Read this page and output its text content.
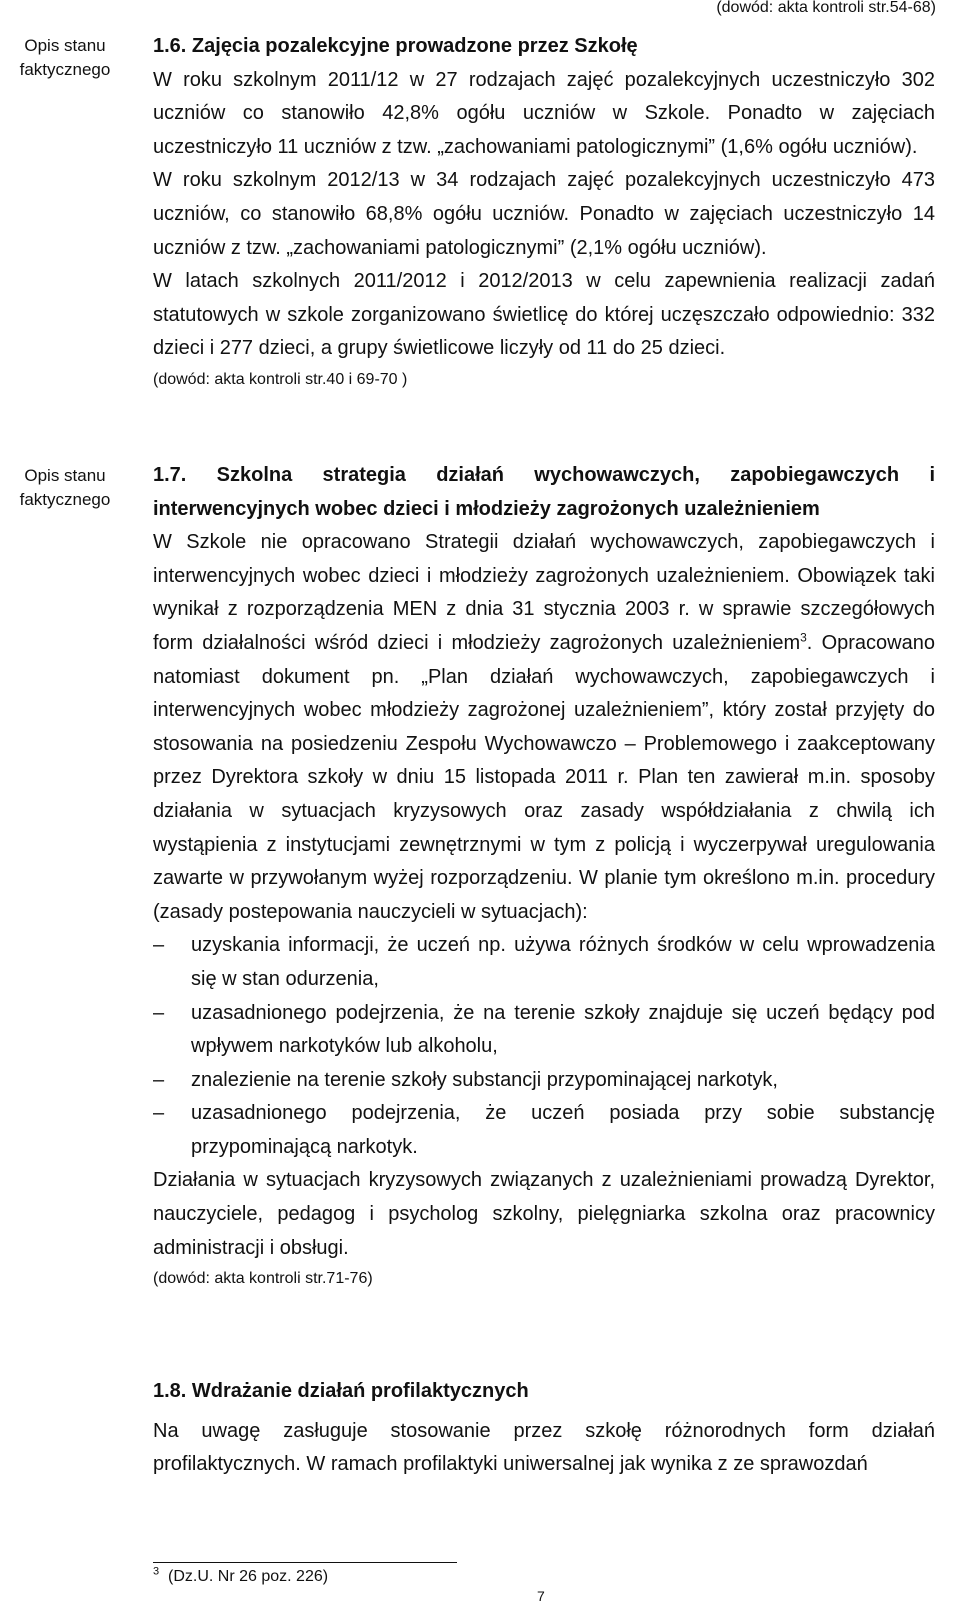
Opis stanu
faktycznego
Opis stanu
faktycznego
(dowód: akta kontroli str.54-68)

1.6. Zajęcia pozalekcyjne prowadzone przez Szkołę

W roku szkolnym 2011/12 w 27 rodzajach zajęć pozalekcyjnych uczestniczyło 302 uczniów co stanowiło 42,8% ogółu uczniów w Szkole. Ponadto w zajęciach uczestniczyło 11 uczniów z tzw. „zachowaniami patologicznymi” (1,6% ogółu uczniów).

W roku szkolnym 2012/13 w 34 rodzajach zajęć pozalekcyjnych uczestniczyło 473 uczniów, co stanowiło 68,8% ogółu uczniów. Ponadto w zajęciach uczestniczyło 14 uczniów z tzw. „zachowaniami patologicznymi” (2,1% ogółu uczniów).

W latach szkolnych 2011/2012 i 2012/2013 w celu zapewnienia realizacji zadań statutowych w szkole zorganizowano świetlicę do której uczęszczało odpowiednio: 332 dzieci i 277 dzieci, a grupy świetlicowe liczyły od 11 do 25 dzieci.

(dowód: akta kontroli str.40 i 69-70 )

1.7. Szkolna strategia działań wychowawczych, zapobiegawczych i interwencyjnych wobec dzieci i młodzieży zagrożonych uzależnieniem

W Szkole nie opracowano Strategii działań wychowawczych, zapobiegawczych i interwencyjnych wobec dzieci i młodzieży zagrożonych uzależnieniem. Obowiązek taki wynikał z rozporządzenia MEN z dnia 31 stycznia 2003 r. w sprawie szczegółowych form działalności wśród dzieci i młodzieży zagrożonych uzależnieniem$^3$. Opracowano natomiast dokument pn. „Plan działań wychowawczych, zapobiegawczych i interwencyjnych wobec młodzieży zagrożonej uzależnieniem”, który został przyjęty do stosowania na posiedzeniu Zespołu Wychowawczo – Problemowego i zaakceptowany przez Dyrektora szkoły w dniu 15 listopada 2011 r. Plan ten zawierał m.in. sposoby działania w sytuacjach kryzysowych oraz zasady współdziałania z chwilą ich wystąpienia z instytucjami zewnętrznymi w tym z policją i wyczerpywał uregulowania zawarte w przywołanym wyżej rozporządzeniu. W planie tym określono m.in. procedury (zasady postepowania nauczycieli w sytuacjach):

–	uzyskania informacji, że uczeń np. używa różnych środków w celu wprowadzenia się w stan odurzenia,
–	uzasadnionego podejrzenia, że na terenie szkoły znajduje się uczeń będący pod wpływem narkotyków lub alkoholu,
–	znalezienie na terenie szkoły substancji przypominającej narkotyk,
–	uzasadnionego podejrzenia, że uczeń posiada przy sobie substancję przypominającą narkotyk.

Działania w sytuacjach kryzysowych związanych z uzależnieniami prowadzą Dyrektor, nauczyciele, pedagog i psycholog szkolny, pielęgniarka szkolna oraz pracownicy administracji i obsługi.

(dowód: akta kontroli str.71-76)

1.8. Wdrażanie działań profilaktycznych

Na uwagę zasługuje stosowanie przez szkołę różnorodnych form działań profilaktycznych. W ramach profilaktyki uniwersalnej jak wynika z ze sprawozdań

$^3$ (Dz.U. Nr 26 poz. 226)
7
